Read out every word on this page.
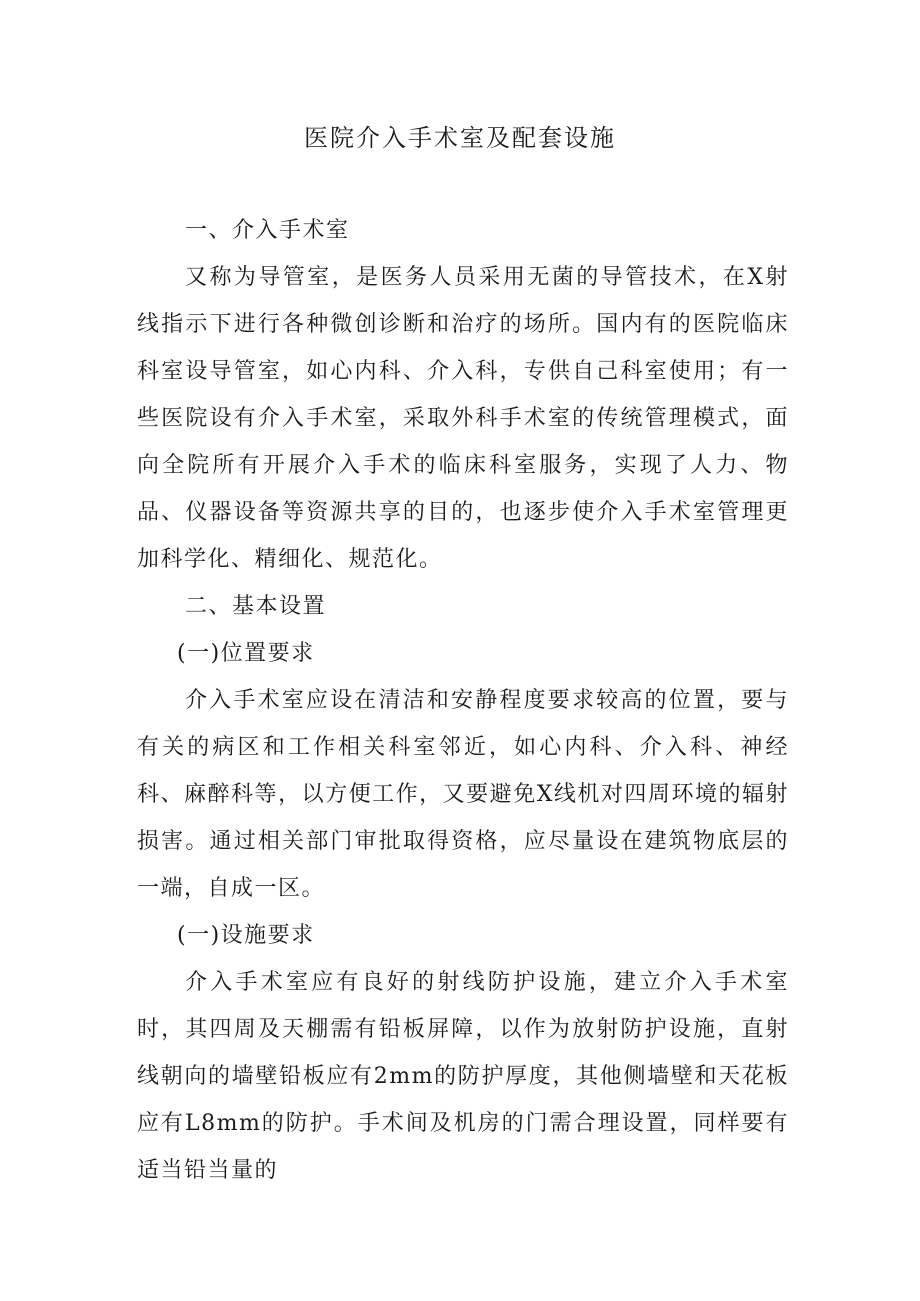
医院介入手术室及配套设施

一、介入手术室

又称为导管室，是医务人员采用无菌的导管技术，在X射线指示下进行各种微创诊断和治疗的场所。国内有的医院临床科室设导管室，如心内科、介入科，专供自己科室使用；有一些医院设有介入手术室，采取外科手术室的传统管理模式，面向全院所有开展介入手术的临床科室服务，实现了人力、物品、仪器设备等资源共享的目的，也逐步使介入手术室管理更加科学化、精细化、规范化。

二、基本设置

(一)位置要求

介入手术室应设在清洁和安静程度要求较高的位置，要与有关的病区和工作相关科室邻近，如心内科、介入科、神经科、麻醉科等，以方便工作，又要避免X线机对四周环境的辐射损害。通过相关部门审批取得资格，应尽量设在建筑物底层的一端，自成一区。

(一)设施要求

介入手术室应有良好的射线防护设施，建立介入手术室时，其四周及天棚需有铅板屏障，以作为放射防护设施，直射线朝向的墙壁铅板应有2mm的防护厚度，其他侧墙壁和天花板应有L8mm的防护。手术间及机房的门需合理设置，同样要有适当铅当量的
